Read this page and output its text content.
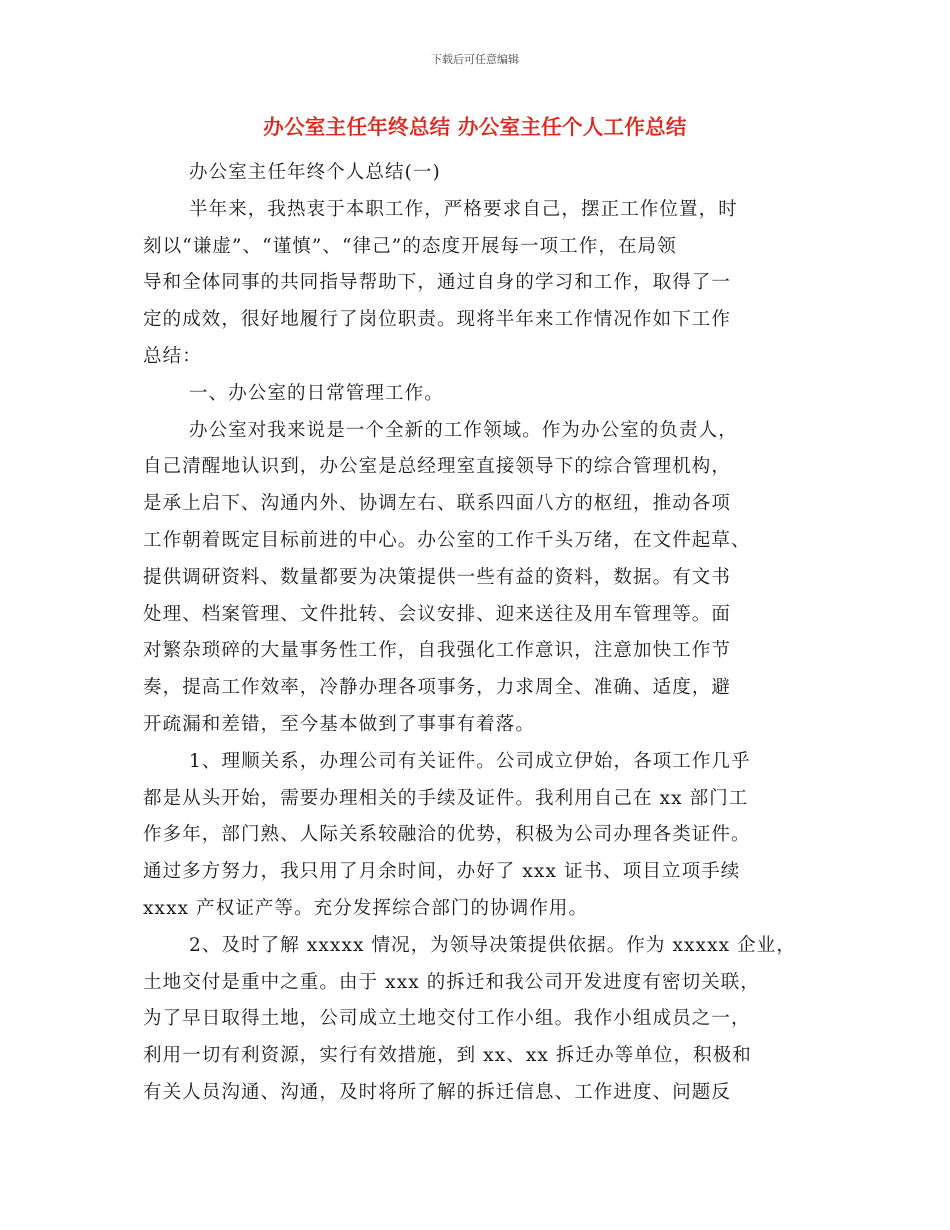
下载后可任意编辑
办公室主任年终总结 办公室主任个人工作总结
办公室主任年终个人总结(一)
半年来，我热衷于本职工作，严格要求自己，摆正工作位置，时
刻以“谦虚”、“谨慎”、“律己”的态度开展每一项工作，在局领
导和全体同事的共同指导帮助下，通过自身的学习和工作，取得了一
定的成效，很好地履行了岗位职责。现将半年来工作情况作如下工作
总结：
一、办公室的日常管理工作。
办公室对我来说是一个全新的工作领域。作为办公室的负责人，
自己清醒地认识到，办公室是总经理室直接领导下的综合管理机构，
是承上启下、沟通内外、协调左右、联系四面八方的枢纽，推动各项
工作朝着既定目标前进的中心。办公室的工作千头万绪，在文件起草、
提供调研资料、数量都要为决策提供一些有益的资料，数据。有文书
处理、档案管理、文件批转、会议安排、迎来送往及用车管理等。面
对繁杂琐碎的大量事务性工作，自我强化工作意识，注意加快工作节
奏，提高工作效率，冷静办理各项事务，力求周全、准确、适度，避
开疏漏和差错，至今基本做到了事事有着落。
1、理顺关系，办理公司有关证件。公司成立伊始，各项工作几乎
都是从头开始，需要办理相关的手续及证件。我利用自己在 xx 部门工
作多年，部门熟、人际关系较融洽的优势，积极为公司办理各类证件。
通过多方努力，我只用了月余时间，办好了 xxx 证书、项目立项手续
xxxx 产权证产等。充分发挥综合部门的协调作用。
2、及时了解 xxxxx 情况，为领导决策提供依据。作为 xxxxx 企业，
土地交付是重中之重。由于 xxx 的拆迁和我公司开发进度有密切关联，
为了早日取得土地，公司成立土地交付工作小组。我作小组成员之一，
利用一切有利资源，实行有效措施，到 xx、xx 拆迁办等单位，积极和
有关人员沟通、沟通，及时将所了解的拆迁信息、工作进度、问题反
